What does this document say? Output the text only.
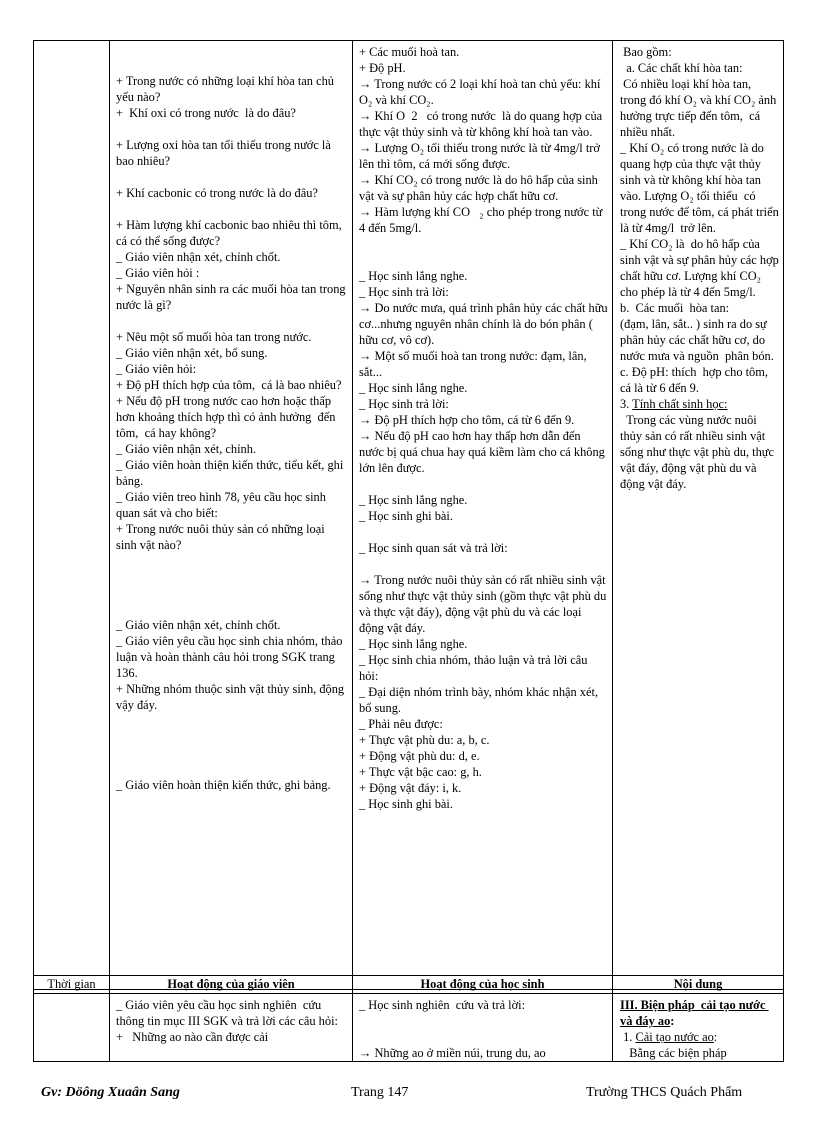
	+ Trong nước có những loại khí hòa tan chủ yếu nào?
+  Khí oxi có trong nước  là do đâu?

+ Lượng oxi hòa tan tối thiểu trong nước là bao nhiêu?

+ Khí cacbonic có trong nước là do đâu?

+ Hàm lượng khí cacbonic bao nhiêu thì tôm, cá có thể sống được?
_ Giáo viên nhận xét, chỉnh chốt.
_ Giáo viên hỏi :
+ Nguyên nhân sinh ra các muối hòa tan trong nước là gì?

+ Nêu một số muối hòa tan trong nước.
_ Giáo viên nhận xét, bổ sung.
_ Giáo viên hỏi:
+ Độ pH thích hợp của tôm,  cá là bao nhiêu?
+ Nếu độ pH trong nước cao hơn hoặc thấp hơn khoảng thích hợp thì có ảnh hưởng  đến tôm,  cá hay không?
_ Giáo viên nhận xét, chỉnh.
_ Giáo viên hoàn thiện kiến thức, tiểu kết, ghi bảng.
_ Giáo viên treo hình 78, yêu cầu học sinh quan sát và cho biết:
+ Trong nước nuôi thủy sản có những loại sinh vật nào?

_ Giáo viên nhận xét, chỉnh chốt.
_ Giáo viên yêu cầu học sinh chia nhóm, thảo luận và hoàn thành câu hỏi trong SGK trang 136.
+ Những nhóm thuộc sinh vật thủy sinh, động vậy đáy.

_ Giáo viên hoàn thiện kiến thức, ghi bảng.	+ Các muối hoà tan.
+ Độ pH.
→ Trong nước có 2 loại khí hoà tan chủ yếu: khí O₂ và khí CO₂.
→ Khí O  2   có trong nước  là do quang hợp của thực vật thủy sinh và từ không khí hoà tan vào.
→ Lượng O₂ tối thiểu trong nước là từ 4mg/l trở lên thì tôm, cá mới sống được.
→ Khí CO₂ có trong nước là do hô hấp của sinh vật và sự phân hủy các hợp chất hữu cơ.
→ Hàm lượng khí CO   ₂ cho phép trong nước từ 4 đến 5mg/l.

_ Học sinh lắng nghe.
_ Học sinh trả lời:
→ Do nước mưa, quá trình phân hủy các chất hữu cơ...nhưng nguyên nhân chính là do bón phân ( hữu cơ, vô cơ).
→ Một số muối hoà tan trong nước: đạm, lân, sắt...
_ Học sinh lắng nghe.
_ Học sinh trả lời:
→ Độ pH thích hợp cho tôm, cá từ 6 đến 9.
→ Nếu độ pH cao hơn hay thấp hơn dẫn đến nước bị quá chua hay quá kiềm làm cho cá không lớn lên được.

_ Học sinh lắng nghe.
_ Học sinh ghi bài.

_ Học sinh quan sát và trả lời:

→ Trong nước nuôi thủy sản có rất nhiều sinh vật sống như thực vật thủy sinh (gồm thực vật phù du và thực vật đáy), động vật phù du và các loại động vật đáy.
_ Học sinh lắng nghe.
_ Học sinh chia nhóm, thảo luận và trả lời câu hỏi:
_ Đại diện nhóm trình bày, nhóm khác nhận xét, bổ sung.
_ Phải nêu được:
+ Thực vật phù du: a, b, c.
+ Động vật phù du: d, e.
+ Thực vật bậc cao: g, h.
+ Động vật đáy: i, k.
_ Học sinh ghi bài.	Bao gồm:
a. Các chất khí hòa tan:
Có nhiều loại khí hòa tan, trong đó khí O₂ và khí CO₂ ảnh hưởng trực tiếp đến tôm,  cá nhiều nhất.
_ Khí O₂ có trong nước là do quang hợp của thực vật thủy sinh và từ không khí hòa tan vào. Lượng O₂ tối thiểu  có trong nước để tôm, cá phát triển là từ 4mg/l  trở lên.
_ Khí CO₂ là  do hô hấp của sinh vật và sự phân hủy các hợp chất hữu cơ. Lượng khí CO₂ cho phép là từ 4 đến 5mg/l.
b.  Các muối  hòa tan:
(đạm, lân, sắt.. ) sinh ra do sự phân hủy các chất hữu cơ, do nước mưa và nguồn  phân bón.
c. Độ pH: thích  hợp cho tôm,  cá là từ 6 đến 9.
3. Tính chất sinh học:
Trong các vùng nước nuôi thủy sản có rất nhiều sinh vật sống như thực vật phù du, thực vật đáy, động vật phù du và động vật đáy.
Thời gian	Hoạt động của giáo viên	Hoạt động của học sinh	Nội dung
	_ Giáo viên yêu cầu học sinh nghiên  cứu thông tin mục III SGK và trả lời các câu hỏi:
+   Những ao nào cần được cải	_ Học sinh nghiên  cứu và trả lời:

→ Những ao ở miền núi, trung du, ao	III. Biện pháp  cải tạo nước và đáy ao:
1. Cải tạo nước ao:
Bằng các biện pháp
Gv: Döông Xuaân Sang	Trang 147	Trường THCS Quách Phẩm
